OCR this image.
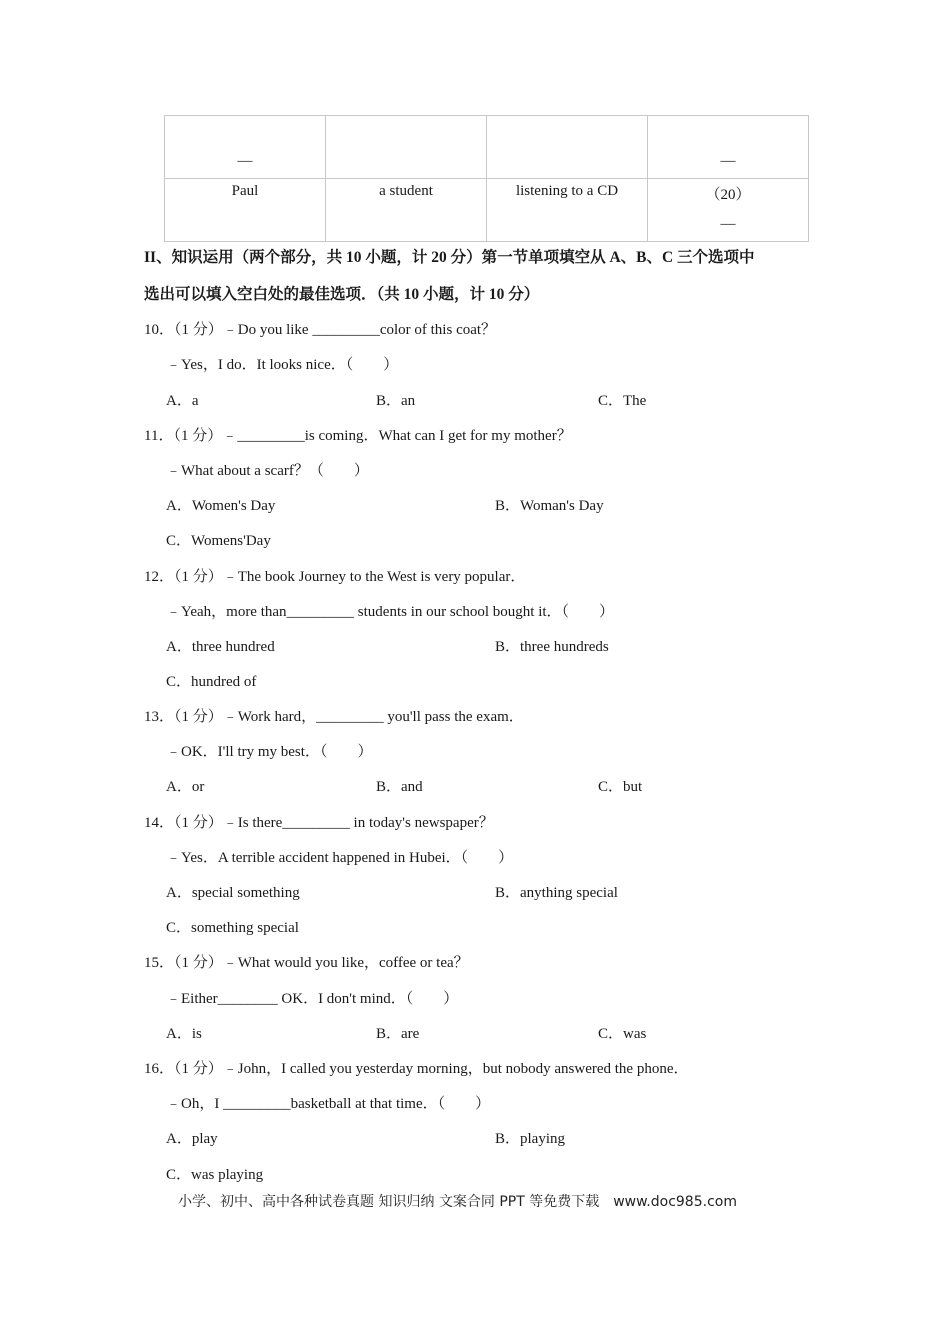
—			—

Paul	a student	listening to a CD	（20）
—
II、知识运用（两个部分，共 10 小题，计 20 分）第一节单项填空从 A、B、C 三个选项中
选出可以填入空白处的最佳选项．（共 10 小题，计 10 分）
10．（1 分）﹣Do you like _________color of this coat？
﹣Yes，I do．It looks nice．（　　）
A．a	B．an	C．The
11．（1 分）﹣_________is coming．What can I get for my mother？
﹣What about a scarf？（　　）
A．Women's Day	B．Woman's Day
C．Womens'Day
12．（1 分）﹣The book Journey to the West is very popular．
﹣Yeah，more than_________ students in our school bought it．（　　）
A．three hundred	B．three hundreds
C．hundred of
13．（1 分）﹣Work hard，_________ you'll pass the exam．
﹣OK．I'll try my best．（　　）
A．or	B．and	C．but
14．（1 分）﹣Is there_________ in today's newspaper？
﹣Yes．A terrible accident happened in Hubei．（　　）
A．special something	B．anything special
C．something special
15．（1 分）﹣What would you like，coffee or tea？
﹣Either________ OK．I don't mind．（　　）
A．is	B．are	C．was
16．（1 分）﹣John，I called you yesterday morning，but nobody answered the phone．
﹣Oh，I _________basketball at that time．（　　）
A．play	B．playing
C．was playing
小学、初中、高中各种试卷真题 知识归纳 文案合同 PPT 等免费下载　www.doc985.com
